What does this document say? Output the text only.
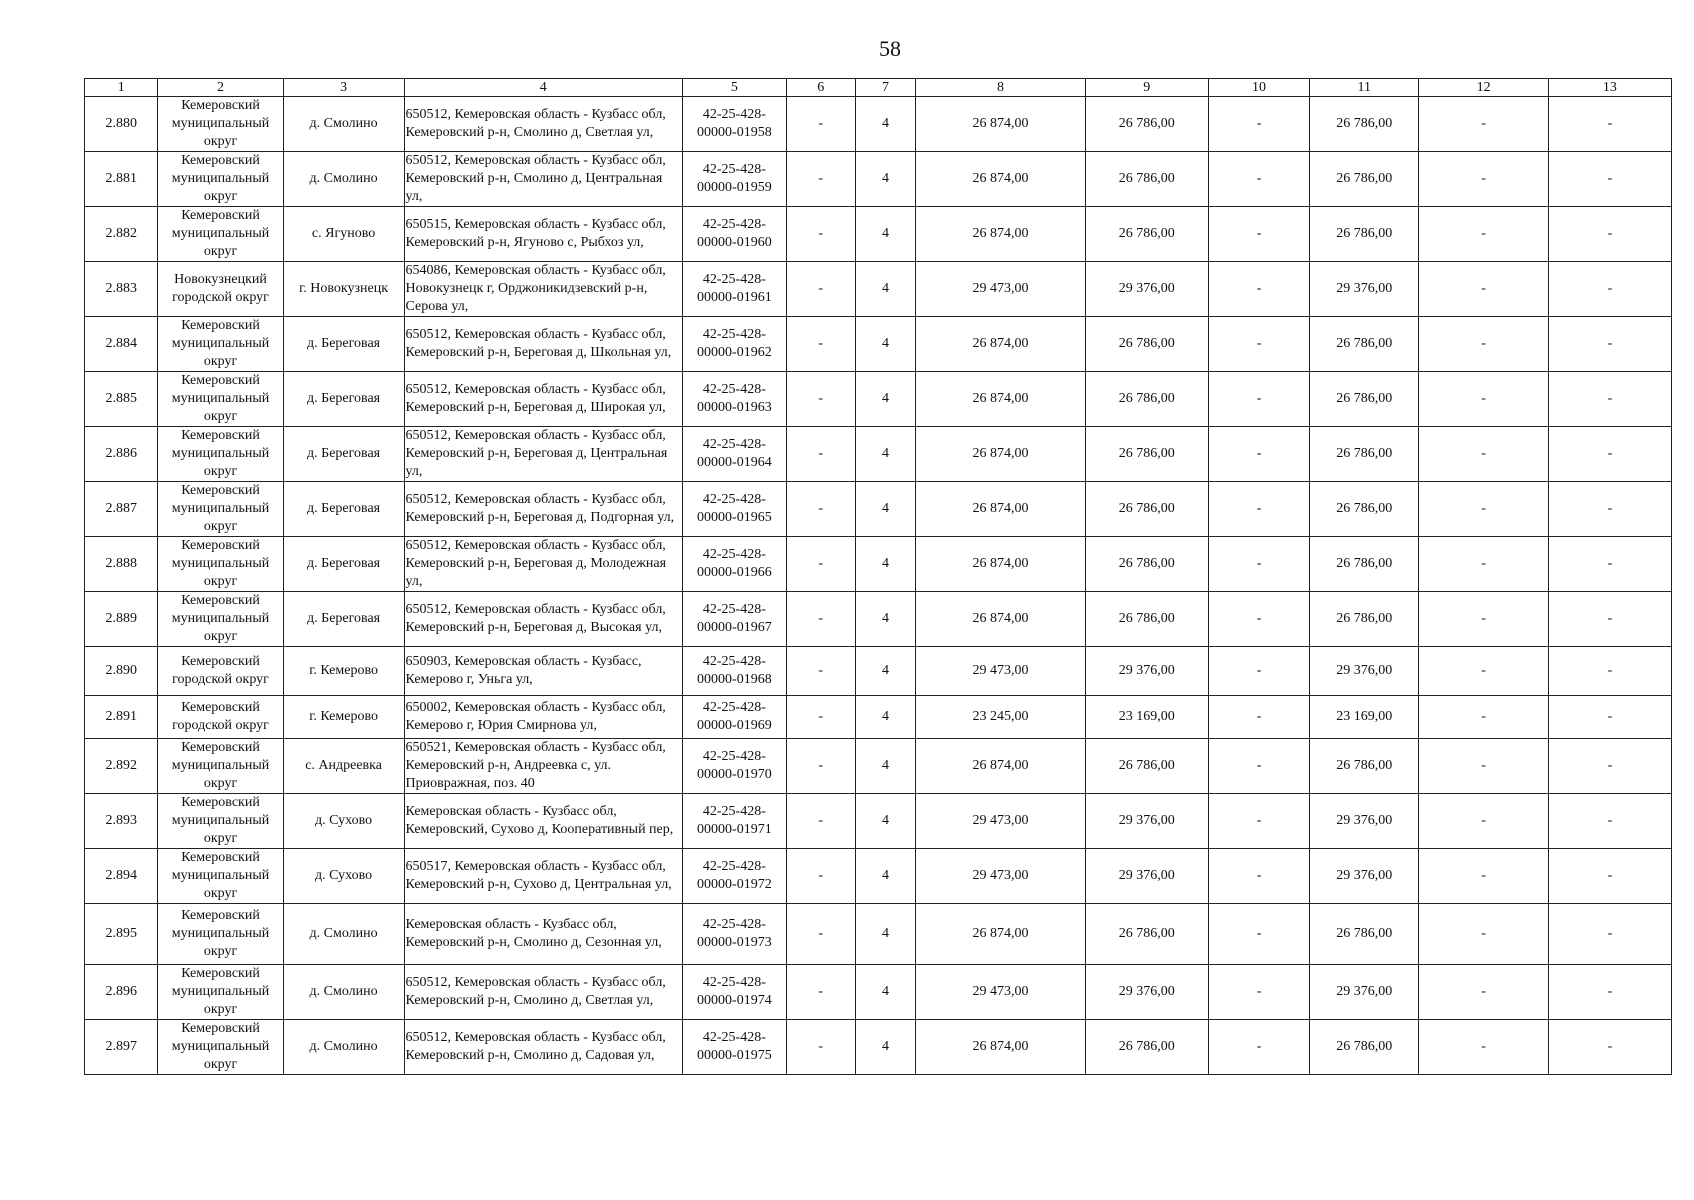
58
1	2	3	4	5	6	7	8	9	10	11	12	13
2.880	Кемеровский муниципальный округ	д. Смолино	650512, Кемеровская область - Кузбасс обл, Кемеровский р-н, Смолино д, Светлая ул,	42-25-428-00000-01958	-	4	26 874,00	26 786,00	-	26 786,00	-	-
2.881	Кемеровский муниципальный округ	д. Смолино	650512, Кемеровская область - Кузбасс обл, Кемеровский р-н, Смолино д, Центральная ул,	42-25-428-00000-01959	-	4	26 874,00	26 786,00	-	26 786,00	-	-
2.882	Кемеровский муниципальный округ	с. Ягуново	650515, Кемеровская область - Кузбасс обл, Кемеровский р-н, Ягуново с, Рыбхоз ул,	42-25-428-00000-01960	-	4	26 874,00	26 786,00	-	26 786,00	-	-
2.883	Новокузнецкий городской округ	г. Новокузнецк	654086, Кемеровская область - Кузбасс обл, Новокузнецк г, Орджоникидзевский р-н, Серова ул,	42-25-428-00000-01961	-	4	29 473,00	29 376,00	-	29 376,00	-	-
2.884	Кемеровский муниципальный округ	д. Береговая	650512, Кемеровская область - Кузбасс обл, Кемеровский р-н, Береговая д, Школьная ул,	42-25-428-00000-01962	-	4	26 874,00	26 786,00	-	26 786,00	-	-
2.885	Кемеровский муниципальный округ	д. Береговая	650512, Кемеровская область - Кузбасс обл, Кемеровский р-н, Береговая д, Широкая ул,	42-25-428-00000-01963	-	4	26 874,00	26 786,00	-	26 786,00	-	-
2.886	Кемеровский муниципальный округ	д. Береговая	650512, Кемеровская область - Кузбасс обл, Кемеровский р-н, Береговая д, Центральная ул,	42-25-428-00000-01964	-	4	26 874,00	26 786,00	-	26 786,00	-	-
2.887	Кемеровский муниципальный округ	д. Береговая	650512, Кемеровская область - Кузбасс обл, Кемеровский р-н, Береговая д, Подгорная ул,	42-25-428-00000-01965	-	4	26 874,00	26 786,00	-	26 786,00	-	-
2.888	Кемеровский муниципальный округ	д. Береговая	650512, Кемеровская область - Кузбасс обл, Кемеровский р-н, Береговая д, Молодежная ул,	42-25-428-00000-01966	-	4	26 874,00	26 786,00	-	26 786,00	-	-
2.889	Кемеровский муниципальный округ	д. Береговая	650512, Кемеровская область - Кузбасс обл, Кемеровский р-н, Береговая д, Высокая ул,	42-25-428-00000-01967	-	4	26 874,00	26 786,00	-	26 786,00	-	-
2.890	Кемеровский городской округ	г. Кемерово	650903, Кемеровская область - Кузбасс, Кемерово г, Уньга ул,	42-25-428-00000-01968	-	4	29 473,00	29 376,00	-	29 376,00	-	-
2.891	Кемеровский городской округ	г. Кемерово	650002, Кемеровская область - Кузбасс обл, Кемерово г, Юрия Смирнова ул,	42-25-428-00000-01969	-	4	23 245,00	23 169,00	-	23 169,00	-	-
2.892	Кемеровский муниципальный округ	с. Андреевка	650521, Кемеровская область - Кузбасс обл, Кемеровский р-н, Андреевка с, ул. Приовражная, поз. 40	42-25-428-00000-01970	-	4	26 874,00	26 786,00	-	26 786,00	-	-
2.893	Кемеровский муниципальный округ	д. Сухово	Кемеровская область - Кузбасс обл, Кемеровский, Сухово д, Кооперативный пер,	42-25-428-00000-01971	-	4	29 473,00	29 376,00	-	29 376,00	-	-
2.894	Кемеровский муниципальный округ	д. Сухово	650517, Кемеровская область - Кузбасс обл, Кемеровский р-н, Сухово д, Центральная ул,	42-25-428-00000-01972	-	4	29 473,00	29 376,00	-	29 376,00	-	-
2.895	Кемеровский муниципальный округ	д. Смолино	Кемеровская область - Кузбасс обл, Кемеровский р-н, Смолино д, Сезонная ул,	42-25-428-00000-01973	-	4	26 874,00	26 786,00	-	26 786,00	-	-
2.896	Кемеровский муниципальный округ	д. Смолино	650512, Кемеровская область - Кузбасс обл, Кемеровский р-н, Смолино д, Светлая ул,	42-25-428-00000-01974	-	4	29 473,00	29 376,00	-	29 376,00	-	-
2.897	Кемеровский муниципальный округ	д. Смолино	650512, Кемеровская область - Кузбасс обл, Кемеровский р-н, Смолино д, Садовая ул,	42-25-428-00000-01975	-	4	26 874,00	26 786,00	-	26 786,00	-	-
